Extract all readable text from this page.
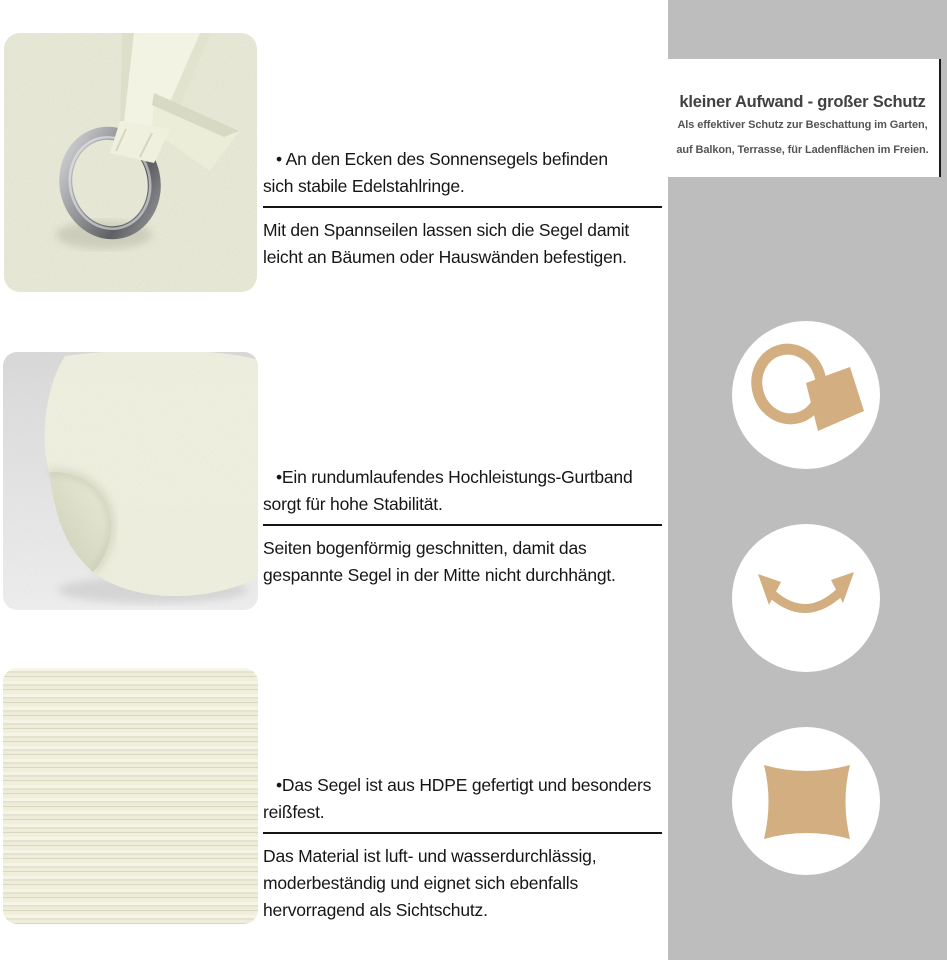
• An den Ecken des Sonnensegels befinden
sich stabile Edelstahlringe.
Mit den Spannseilen lassen sich die Segel damit
leicht an Bäumen oder Hauswänden befestigen.
•Ein rundumlaufendes Hochleistungs-Gurtband
sorgt für hohe Stabilität.
Seiten bogenförmig geschnitten, damit das
gespannte Segel in der Mitte nicht durchhängt.
•Das Segel ist aus HDPE gefertigt und besonders
reißfest.
Das Material ist luft- und wasserdurchlässig,
moderbeständig und eignet sich ebenfalls
hervorragend als Sichtschutz.
kleiner Aufwand - großer Schutz
Als effektiver Schutz zur Beschattung im Garten,
auf Balkon, Terrasse, für Ladenflächen im Freien.
